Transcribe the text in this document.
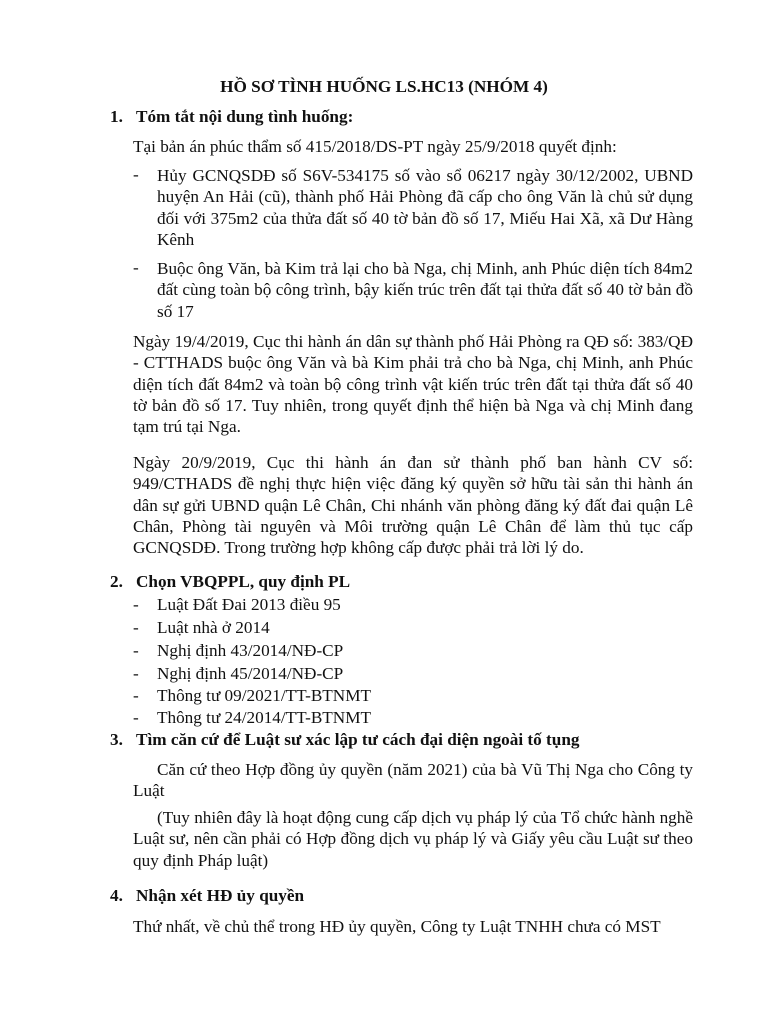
HỒ SƠ TÌNH HUỐNG LS.HC13 (NHÓM 4)
1. Tóm tắt nội dung tình huống:
Tại bản án phúc thẩm số 415/2018/DS-PT ngày 25/9/2018 quyết định:
- Hủy GCNQSDĐ số S6V-534175 số vào sổ 06217 ngày 30/12/2002, UBND huyện An Hải (cũ), thành phố Hải Phòng đã cấp cho ông Văn là chủ sử dụng đối với 375m2 của thửa đất số 40 tờ bản đồ số 17, Miếu Hai Xã, xã Dư Hàng Kênh
- Buộc ông Văn, bà Kim trả lại cho bà Nga, chị Minh, anh Phúc diện tích 84m2 đất cùng toàn bộ công trình, bậy kiến trúc trên đất tại thửa đất số 40 tờ bản đồ số 17
Ngày 19/4/2019, Cục thi hành án dân sự thành phố Hải Phòng ra QĐ số: 383/QĐ - CTTHADS buộc ông Văn và bà Kim phải trả cho bà Nga, chị Minh, anh Phúc diện tích đất 84m2 và toàn bộ công trình vật kiến trúc trên đất tại thửa đất số 40 tờ bản đồ số 17. Tuy nhiên, trong quyết định thể hiện bà Nga và chị Minh đang tạm trú tại Nga.
Ngày 20/9/2019, Cục thi hành án đan sử thành phố ban hành CV số: 949/CTHADS đề nghị thực hiện việc đăng ký quyền sở hữu tài sản thi hành án dân sự gửi UBND quận Lê Chân, Chi nhánh văn phòng đăng ký đất đai quận Lê Chân, Phòng tài nguyên và Môi trường quận Lê Chân để làm thủ tục cấp GCNQSDĐ. Trong trường hợp không cấp được phải trả lời lý do.
2. Chọn VBQPPL, quy định PL
- Luật Đất Đai 2013 điều 95
- Luật nhà ở 2014
- Nghị định 43/2014/NĐ-CP
- Nghị định 45/2014/NĐ-CP
- Thông tư 09/2021/TT-BTNMT
- Thông tư 24/2014/TT-BTNMT
3. Tìm căn cứ để Luật sư xác lập tư cách đại diện ngoài tố tụng
Căn cứ theo Hợp đồng ủy quyền (năm 2021) của bà Vũ Thị Nga cho Công ty Luật
(Tuy nhiên đây là hoạt động cung cấp dịch vụ pháp lý của Tổ chức hành nghề Luật sư, nên cần phải có Hợp đồng dịch vụ pháp lý và Giấy yêu cầu Luật sư theo quy định Pháp luật)
4. Nhận xét HĐ ủy quyền
Thứ nhất, về chủ thể trong HĐ ủy quyền, Công ty Luật TNHH chưa có MST
